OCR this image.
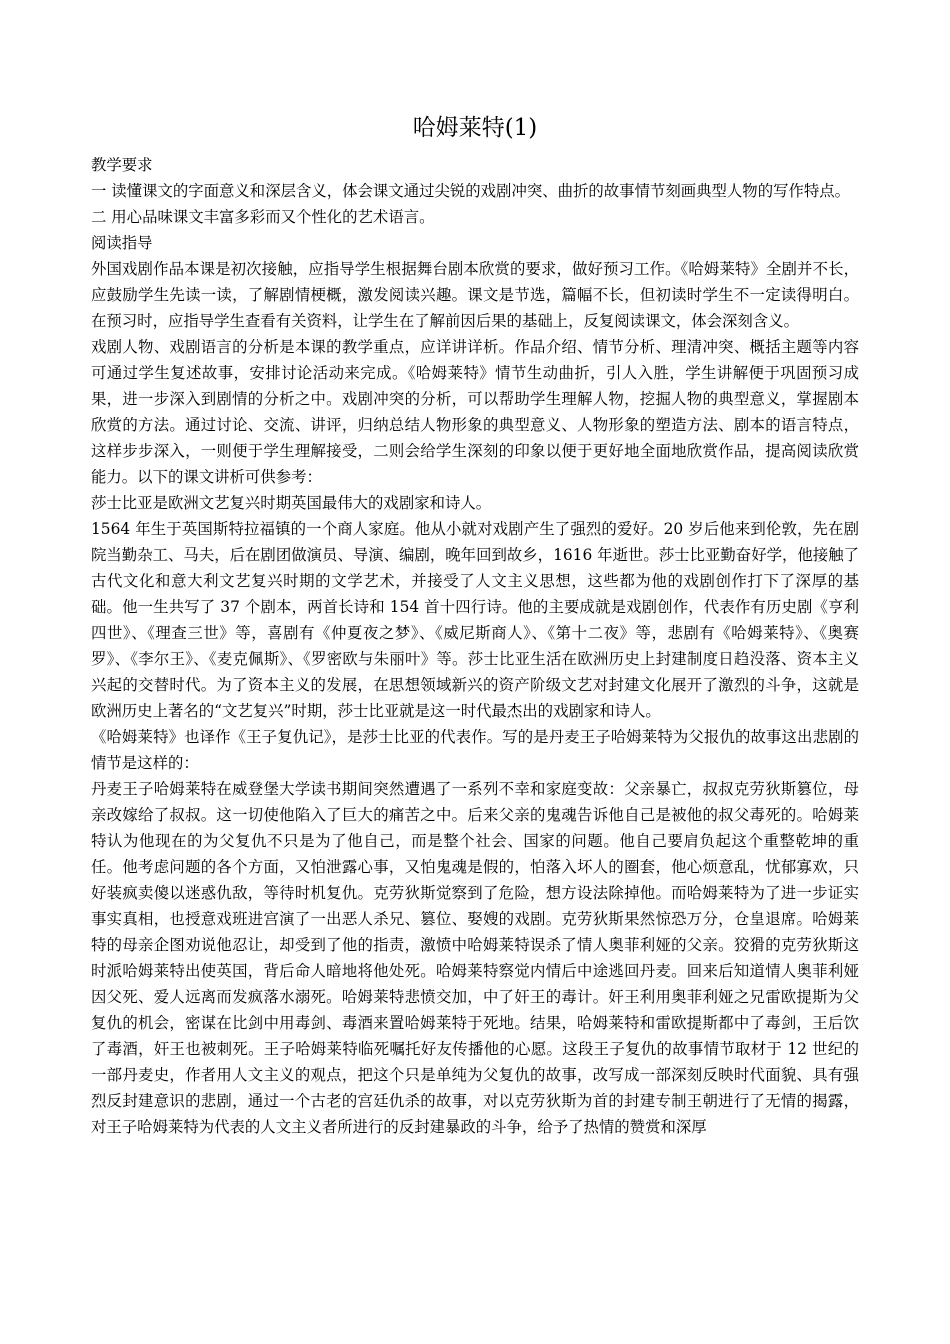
哈姆莱特(1)

教学要求

一 读懂课文的字面意义和深层含义，体会课文通过尖锐的戏剧冲突、曲折的故事情节刻画典型人物的写作特点。

二 用心品味课文丰富多彩而又个性化的艺术语言。

阅读指导

外国戏剧作品本课是初次接触，应指导学生根据舞台剧本欣赏的要求，做好预习工作。《哈姆莱特》全剧并不长，应鼓励学生先读一读，了解剧情梗概，激发阅读兴趣。课文是节选，篇幅不长，但初读时学生不一定读得明白。在预习时，应指导学生查看有关资料，让学生在了解前因后果的基础上，反复阅读课文，体会深刻含义。

戏剧人物、戏剧语言的分析是本课的教学重点，应详讲详析。作品介绍、情节分析、理清冲突、概括主题等内容可通过学生复述故事，安排讨论活动来完成。《哈姆莱特》情节生动曲折，引人入胜，学生讲解便于巩固预习成果，进一步深入到剧情的分析之中。戏剧冲突的分析，可以帮助学生理解人物，挖掘人物的典型意义，掌握剧本欣赏的方法。通过讨论、交流、讲评，归纳总结人物形象的典型意义、人物形象的塑造方法、剧本的语言特点，这样步步深入，一则便于学生理解接受，二则会给学生深刻的印象以便于更好地全面地欣赏作品，提高阅读欣赏能力。以下的课文讲析可供参考：

莎士比亚是欧洲文艺复兴时期英国最伟大的戏剧家和诗人。

1564 年生于英国斯特拉福镇的一个商人家庭。他从小就对戏剧产生了强烈的爱好。20 岁后他来到伦敦，先在剧院当勤杂工、马夫，后在剧团做演员、导演、编剧，晚年回到故乡，1616 年逝世。莎士比亚勤奋好学，他接触了古代文化和意大利文艺复兴时期的文学艺术，并接受了人文主义思想，这些都为他的戏剧创作打下了深厚的基础。他一生共写了 37 个剧本，两首长诗和 154 首十四行诗。他的主要成就是戏剧创作，代表作有历史剧《亨利四世》、《理查三世》等，喜剧有《仲夏夜之梦》、《威尼斯商人》、《第十二夜》等，悲剧有《哈姆莱特》、《奥赛罗》、《李尔王》、《麦克佩斯》、《罗密欧与朱丽叶》等。莎士比亚生活在欧洲历史上封建制度日趋没落、资本主义兴起的交替时代。为了资本主义的发展，在思想领域新兴的资产阶级文艺对封建文化展开了激烈的斗争，这就是欧洲历史上著名的“文艺复兴”时期，莎士比亚就是这一时代最杰出的戏剧家和诗人。

《哈姆莱特》也译作《王子复仇记》，是莎士比亚的代表作。写的是丹麦王子哈姆莱特为父报仇的故事这出悲剧的情节是这样的：

丹麦王子哈姆莱特在威登堡大学读书期间突然遭遇了一系列不幸和家庭变故：父亲暴亡，叔叔克劳狄斯篡位，母亲改嫁给了叔叔。这一切使他陷入了巨大的痛苦之中。后来父亲的鬼魂告诉他自己是被他的叔父毒死的。哈姆莱特认为他现在的为父复仇不只是为了他自己，而是整个社会、国家的问题。他自己要肩负起这个重整乾坤的重任。他考虑问题的各个方面，又怕泄露心事，又怕鬼魂是假的，怕落入坏人的圈套，他心烦意乱，忧郁寡欢，只好装疯卖傻以迷惑仇敌，等待时机复仇。克劳狄斯觉察到了危险，想方设法除掉他。而哈姆莱特为了进一步证实事实真相，也授意戏班进宫演了一出恶人杀兄、篡位、娶嫂的戏剧。克劳狄斯果然惊恐万分，仓皇退席。哈姆莱特的母亲企图劝说他忍让，却受到了他的指责，激愤中哈姆莱特误杀了情人奥菲利娅的父亲。狡猾的克劳狄斯这时派哈姆莱特出使英国，背后命人暗地将他处死。哈姆莱特察觉内情后中途逃回丹麦。回来后知道情人奥菲利娅因父死、爱人远离而发疯落水溺死。哈姆莱特悲愤交加，中了奸王的毒计。奸王利用奥菲利娅之兄雷欧提斯为父复仇的机会，密谋在比剑中用毒剑、毒酒来置哈姆莱特于死地。结果，哈姆莱特和雷欧提斯都中了毒剑，王后饮了毒酒，奸王也被刺死。王子哈姆莱特临死嘱托好友传播他的心愿。这段王子复仇的故事情节取材于 12 世纪的一部丹麦史，作者用人文主义的观点，把这个只是单纯为父复仇的故事，改写成一部深刻反映时代面貌、具有强烈反封建意识的悲剧，通过一个古老的宫廷仇杀的故事，对以克劳狄斯为首的封建专制王朝进行了无情的揭露，对王子哈姆莱特为代表的人文主义者所进行的反封建暴政的斗争，给予了热情的赞赏和深厚
